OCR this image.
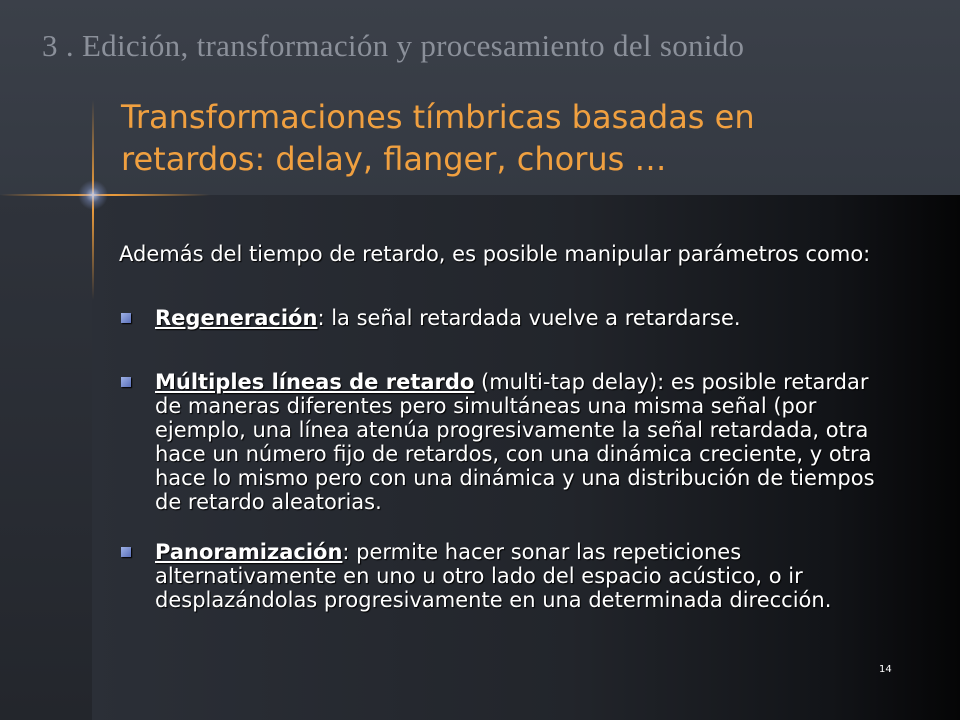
3 . Edición, transformación y procesamiento del sonido
Transformaciones tímbricas basadas en
retardos: delay, flanger, chorus …

Además del tiempo de retardo, es posible manipular parámetros como:

Regeneración: la señal retardada vuelve a retardarse.
Múltiples líneas de retardo (multi-tap delay): es posible retardar de maneras diferentes pero simultáneas una misma señal (por ejemplo, una línea atenúa progresivamente la señal retardada, otra hace un número fijo de retardos, con una dinámica creciente, y otra hace lo mismo pero con una dinámica y una distribución de tiempos de retardo aleatorias.
Panoramización: permite hacer sonar las repeticiones alternativamente en uno u otro lado del espacio acústico, o ir desplazándolas progresivamente en una determinada dirección.
14
